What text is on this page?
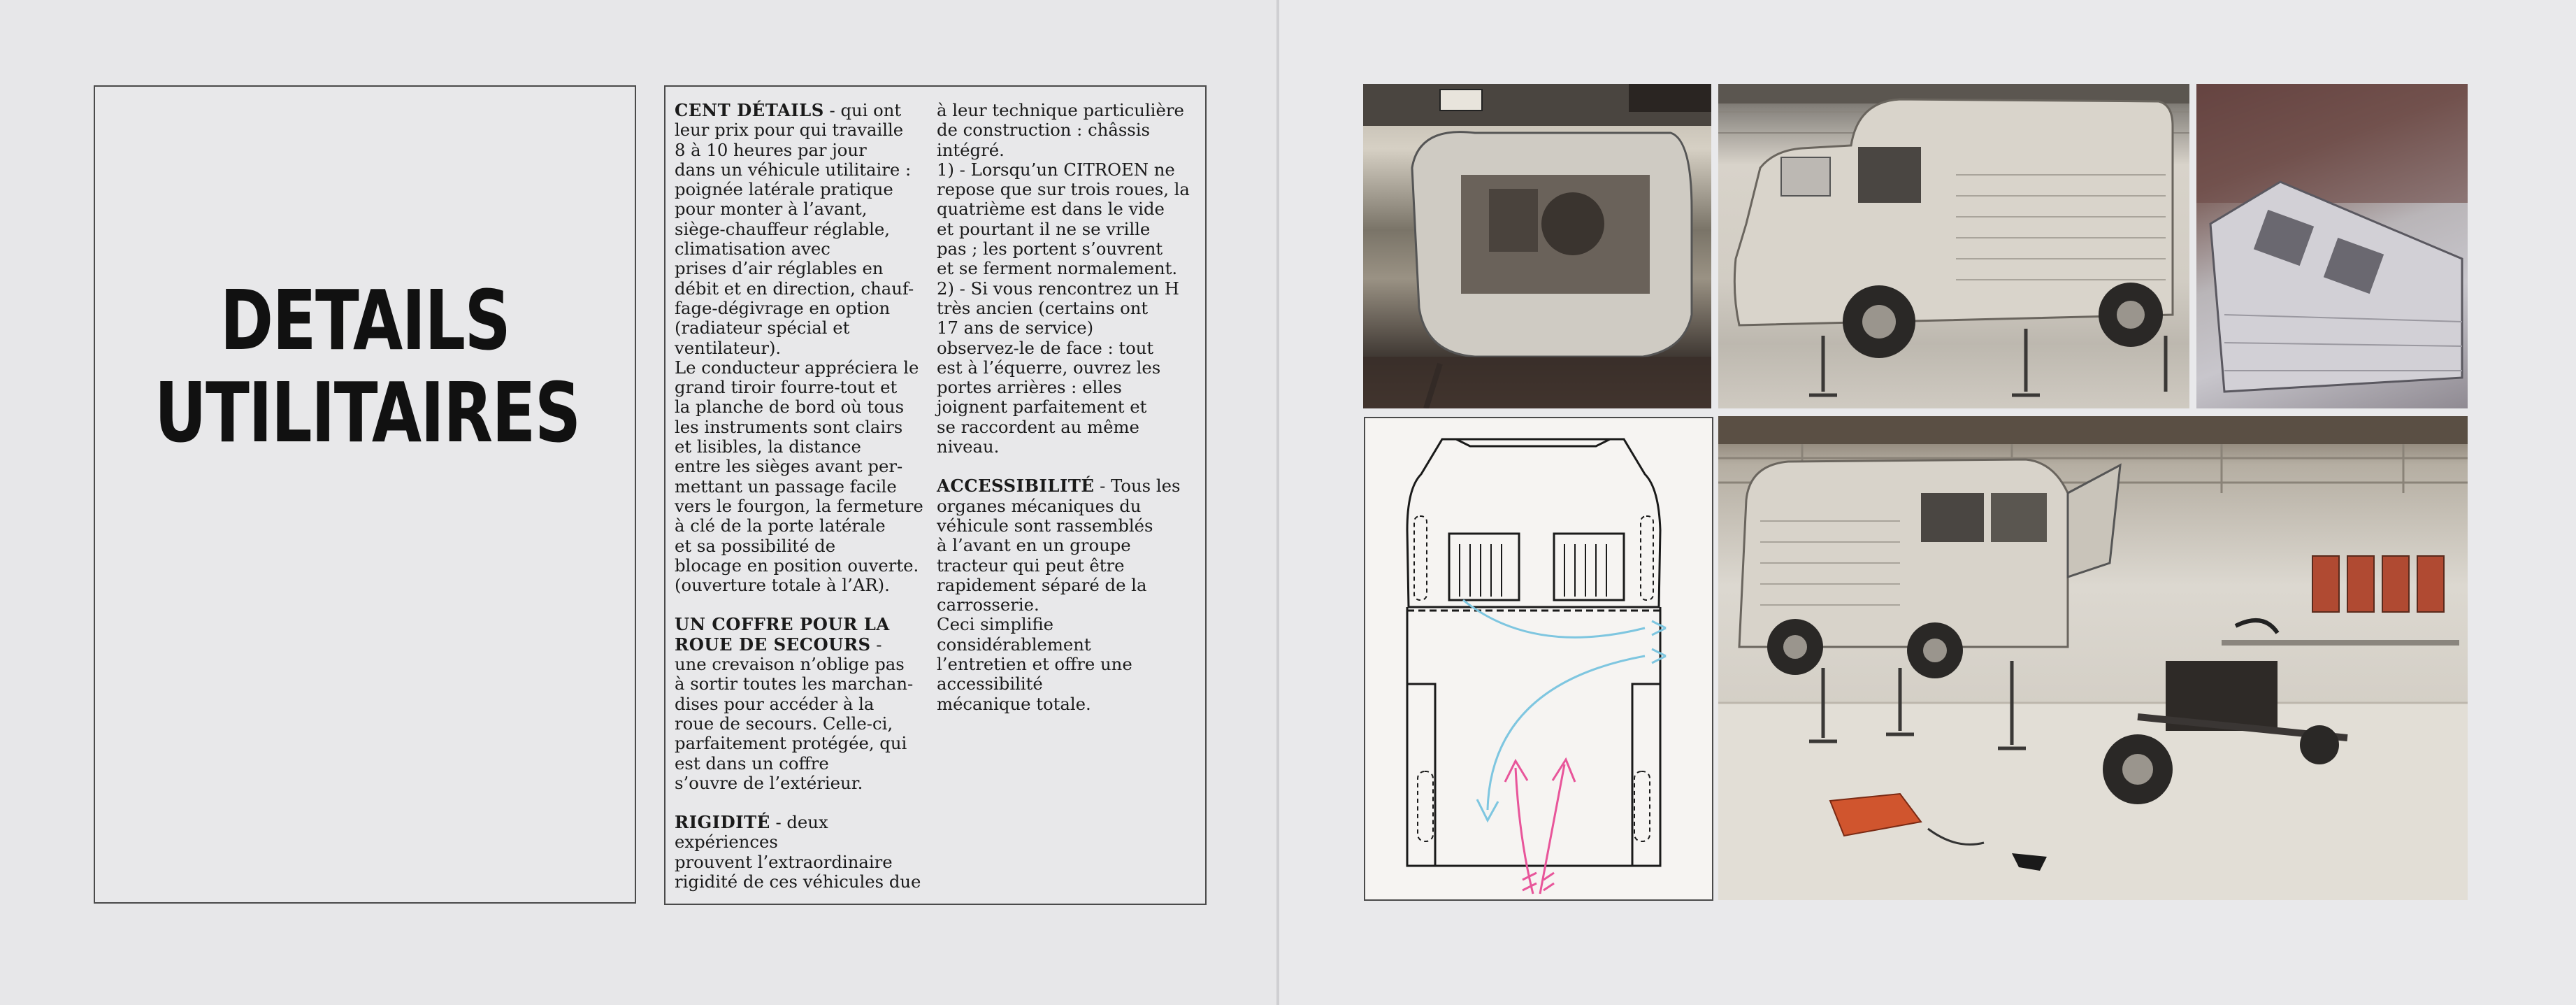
DETAILS
UTILITAIRES

CENT DÉTAILS - qui ont
leur prix pour qui travaille
8 à 10 heures par jour
dans un véhicule utilitaire :
poignée latérale pratique
pour monter à l’avant,
siège-chauffeur réglable,
climatisation avec
prises d’air réglables en
débit et en direction, chauf-
fage-dégivrage en option
(radiateur spécial et
ventilateur).
Le conducteur appréciera le
grand tiroir fourre-tout et
la planche de bord où tous
les instruments sont clairs
et lisibles, la distance
entre les sièges avant per-
mettant un passage facile
vers le fourgon, la fermeture
à clé de la porte latérale
et sa possibilité de
blocage en position ouverte.
(ouverture totale à l’AR).

UN COFFRE POUR LA
ROUE DE SECOURS -
une crevaison n’oblige pas
à sortir toutes les marchan-
dises pour accéder à la
roue de secours. Celle-ci,
parfaitement protégée, qui
est dans un coffre
s’ouvre de l’extérieur.

RIGIDITÉ - deux expériences
prouvent l’extraordinaire
rigidité de ces véhicules due

à leur technique particulière
de construction : châssis
intégré.
1) - Lorsqu’un CITROEN ne
repose que sur trois roues, la
quatrième est dans le vide
et pourtant il ne se vrille
pas ; les portent s’ouvrent
et se ferment normalement.
2) - Si vous rencontrez un H
très ancien (certains ont
17 ans de service)
observez-le de face : tout
est à l’équerre, ouvrez les
portes arrières : elles
joignent parfaitement et
se raccordent au même niveau.

ACCESSIBILITÉ - Tous les
organes mécaniques du
véhicule sont rassemblés
à l’avant en un groupe
tracteur qui peut être
rapidement séparé de la
carrosserie.
Ceci simplifie
considérablement
l’entretien et offre une
accessibilité
mécanique totale.
